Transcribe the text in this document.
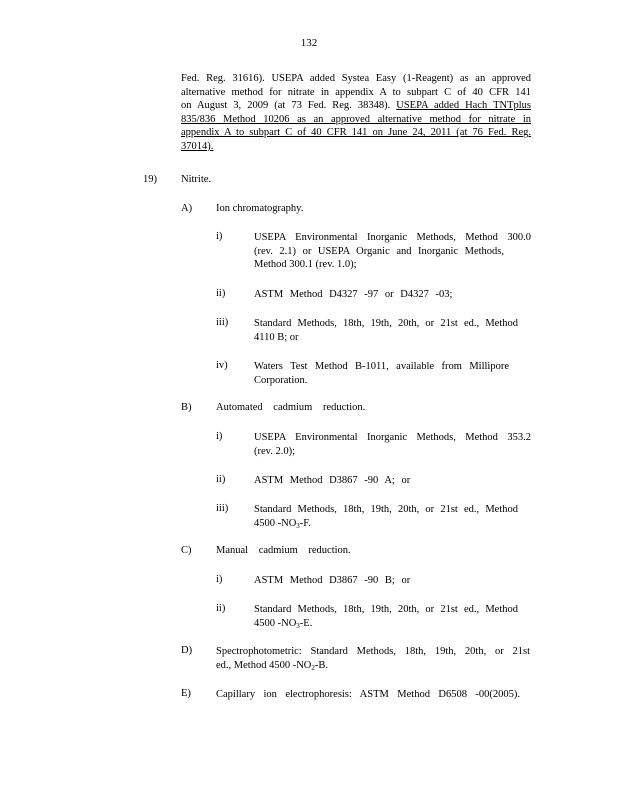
132
Fed. Reg. 31616). USEPA added Systea Easy (1-Reagent) as an approved
alternative method for nitrate in appendix A to subpart C of 40 CFR 141
on August 3, 2009 (at 73 Fed. Reg. 38348). USEPA added Hach TNTplus
835/836 Method 10206 as an approved alternative method for nitrate in
appendix A to subpart C of 40 CFR 141 on June 24, 2011 (at 76 Fed. Reg.
37014).
19) Nitrite.
A) Ion chromatography.
i)	USEPA Environmental Inorganic Methods, Method 300.0
(rev. 2.1) or USEPA Organic and Inorganic Methods,
Method 300.1 (rev. 1.0);
ii)	ASTM Method D4327 -97 or D4327 -03;
iii) Standard Methods, 18th, 19th, 20th, or 21st ed., Method
4110 B; or
iv)	Waters Test Method B-1011, available from Millipore
Corporation.
B) Automated cadmium reduction.
i)	USEPA Environmental Inorganic Methods, Method 353.2
(rev. 2.0);
ii)	ASTM Method D3867 -90 A; or
iii) Standard Methods, 18th, 19th, 20th, or 21st ed., Method
4500 $-NO_3-F$.
C) Manual cadmium reduction.
i)	ASTM Method D3867 -90 B; or
ii)	Standard Methods, 18th, 19th, 20th, or 21st ed., Method
4500 $-NO_3-E$.
D) Spectrophotometric: Standard Methods, 18th, 19th, 20th, or 21st
ed., Method 4500 $-NO_2-B$.
E) Capillary ion electrophoresis: ASTM Method D6508 -00(2005).
